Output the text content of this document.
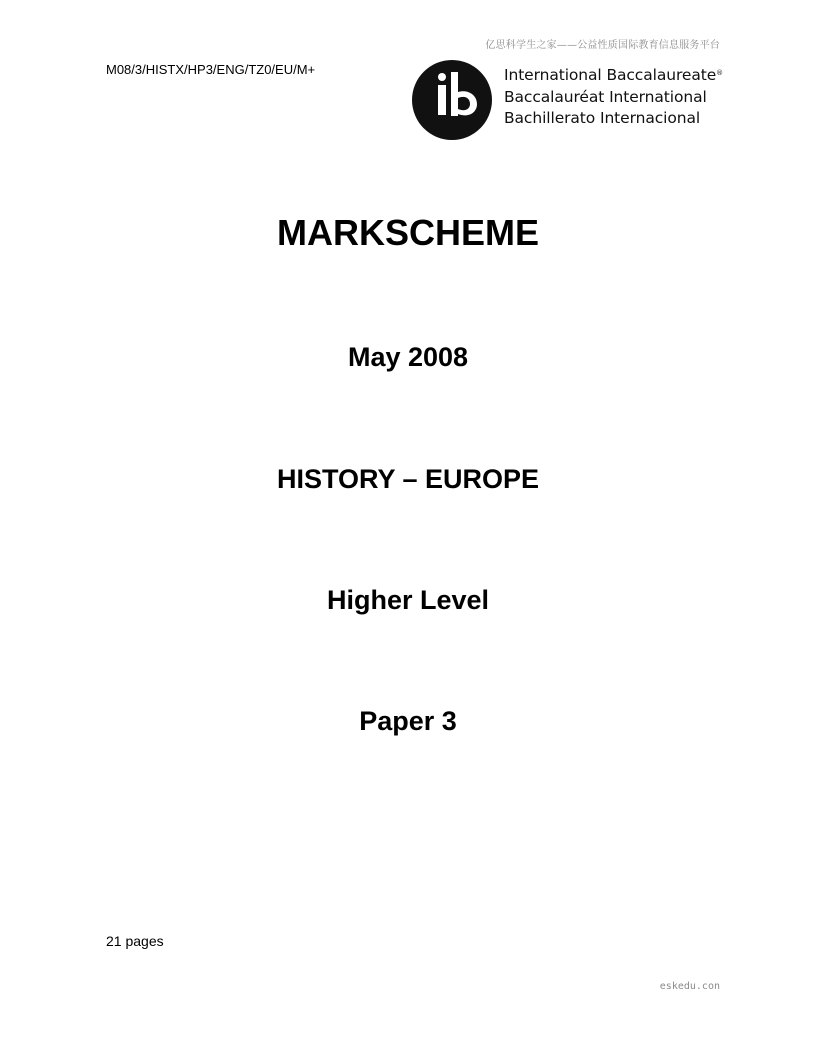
亿思科学生之家——公益性质国际教育信息服务平台
M08/3/HISTX/HP3/ENG/TZ0/EU/M+	International Baccalaureate®
Baccalauréat International
Bachillerato Internacional
MARKSCHEME
May 2008
HISTORY – EUROPE
Higher Level
Paper 3
21 pages
eskedu.con
